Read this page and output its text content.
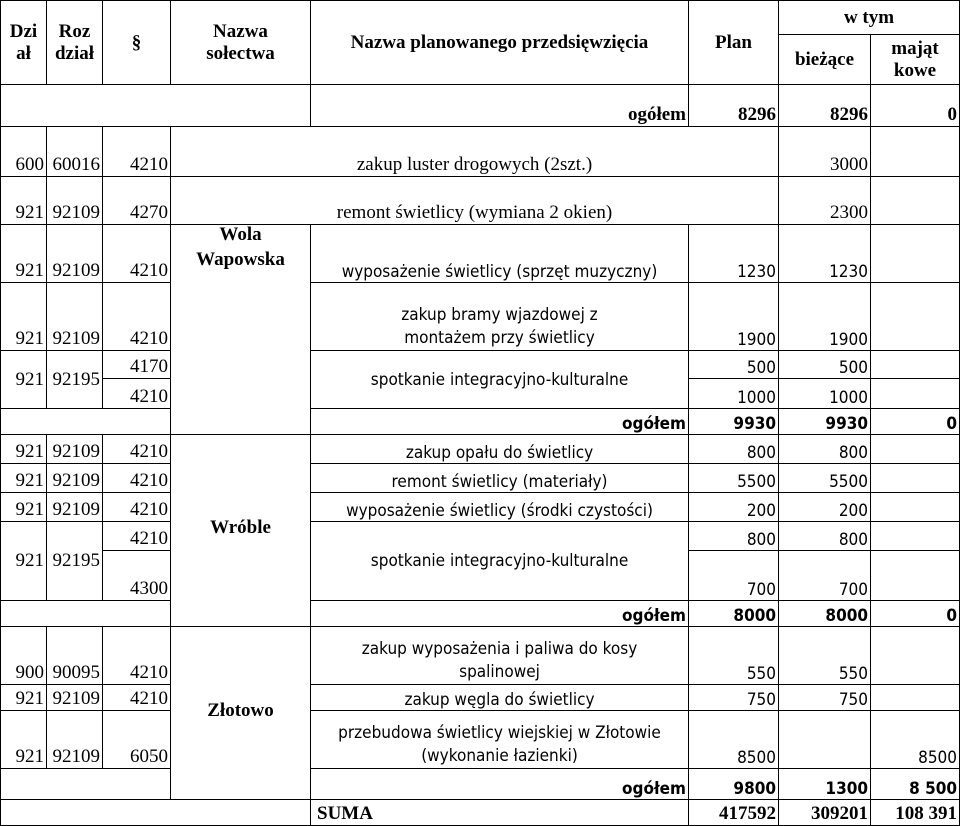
Dział	Rozdział	§	Nazwa sołectwa	Nazwa planowanego przedsięwzięcia	Plan	w tym	
						bieżące	majątkowe
				ogółem	8296	8296	0
600	60016	4210	zakup luster drogowych (2szt.)			3000	
921	92109	4270	remont świetlicy (wymiana 2 okien)			2300	
921	92109	4210	Wola Wapowska	wyposażenie świetlicy (sprzęt muzyczny)	1230	1230	
921	92109	4210		zakup bramy wjazdowej z montażem przy świetlicy	1900	1900	
921	92195	4170		spotkanie integracyjno-kulturalne	500	500	
		4210			1000	1000	
				ogółem	9930	9930	0
921	92109	4210	Wróble	zakup opału do świetlicy	800	800	
921	92109	4210		remont świetlicy (materiały)	5500	5500	
921	92109	4210		wyposażenie świetlicy (środki czystości)	200	200	
921	92195	4210		spotkanie integracyjno-kulturalne	800	800	
		4300			700	700	
				ogółem	8000	8000	0
900	90095	4210	Złotowo	zakup wyposażenia i paliwa do kosy spalinowej	550	550	
921	92109	4210		zakup węgla do świetlicy	750	750	
921	92109	6050		przebudowa świetlicy wiejskiej w Złotowie (wykonanie łazienki)	8500		8500
				ogółem	9800	1300	8 500
				SUMA	417592	309201	108 391
